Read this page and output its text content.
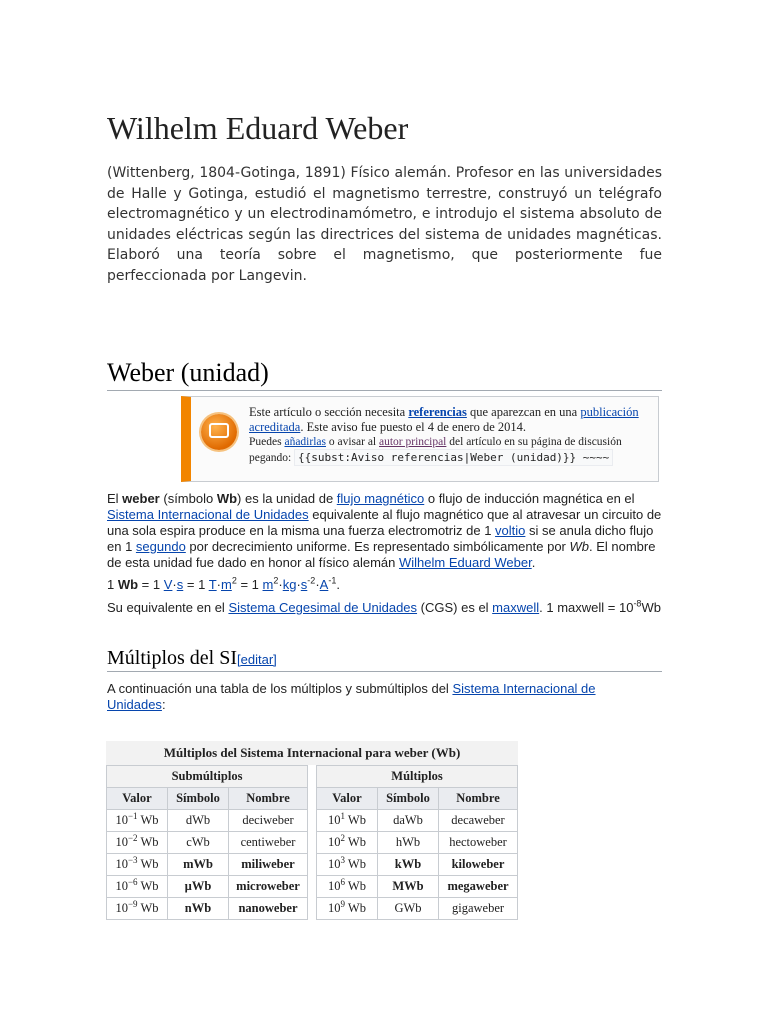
Wilhelm Eduard Weber
(Wittenberg, 1804-Gotinga, 1891) Físico alemán. Profesor en las universidades de Halle y Gotinga, estudió el magnetismo terrestre, construyó un telégrafo electromagnético y un electrodinamómetro, e introdujo el sistema absoluto de unidades eléctricas según las directrices del sistema de unidades magnéticas. Elaboró una teoría sobre el magnetismo, que posteriormente fue perfeccionada por Langevin.
Weber (unidad)
Este artículo o sección necesita referencias que aparezcan en una publicación acreditada. Este aviso fue puesto el 4 de enero de 2014.
Puedes añadirlas o avisar al autor principal del artículo en su página de discusión pegando: {{subst:Aviso referencias|Weber (unidad)}} ~~~~
El weber (símbolo Wb) es la unidad de flujo magnético o flujo de inducción magnética en el Sistema Internacional de Unidades equivalente al flujo magnético que al atravesar un circuito de una sola espira produce en la misma una fuerza electromotriz de 1 voltio si se anula dicho flujo en 1 segundo por decrecimiento uniforme. Es representado simbólicamente por Wb. El nombre de esta unidad fue dado en honor al físico alemán Wilhelm Eduard Weber.
1 Wb = 1 V·s = 1 $T\cdot m^2 = 1$ $m^2\cdot kg\cdot s^{-2}\cdot A^{-1}$.
Su equivalente en el Sistema Cegesimal de Unidades (CGS) es el maxwell. 1 maxwell = $10^{-8}Wb$
Múltiplos del SI[editar]
A continuación una tabla de los múltiplos y submúltiplos del Sistema Internacional de Unidades:
Múltiplos del Sistema Internacional para weber (Wb)
Submúltiplos				Múltiplos		
Valor	Símbolo	Nombre		Valor	Símbolo	Nombre
$10^{-1}$ Wb	dWb	deciweber		$10^1$ Wb	daWb	decaweber
$10^{-2}$ Wb	cWb	centiweber		$10^2$ Wb	hWb	hectoweber
$10^{-3}$ Wb	mWb	miliweber		$10^3$ Wb	kWb	kiloweber
$10^{-6}$ Wb	µWb	microweber		$10^6$ Wb	MWb	megaweber
$10^{-9}$ Wb	nWb	nanoweber		$10^9$ Wb	GWb	gigaweber
